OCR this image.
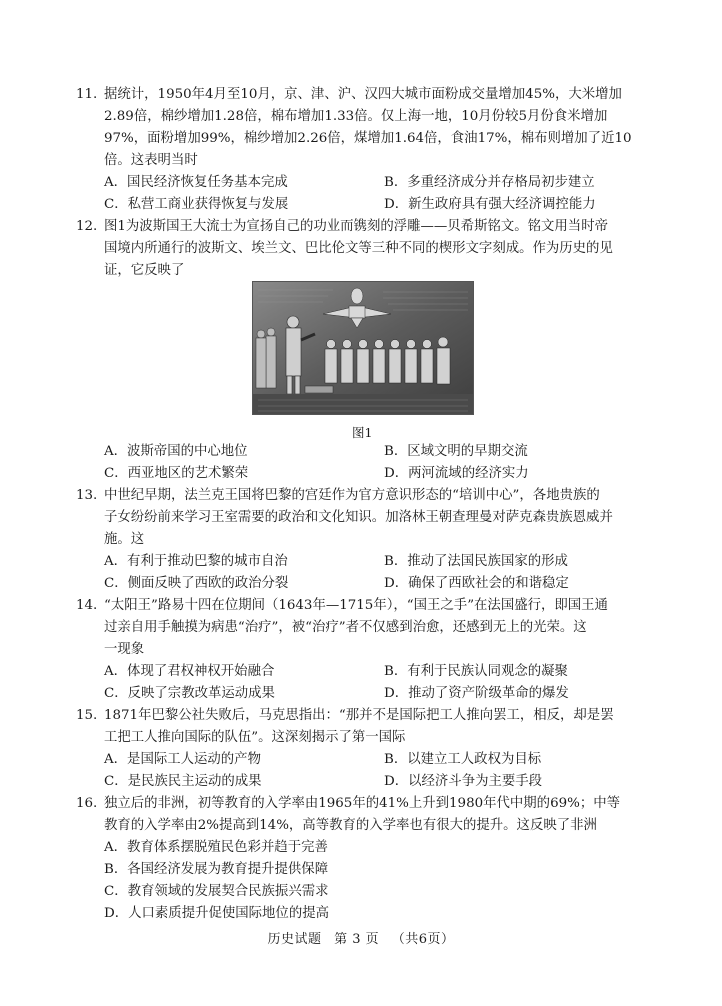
11. 据统计，1950年4月至10月，京、津、沪、汉四大城市面粉成交量增加45%，大米增加
2.89倍，棉纱增加1.28倍，棉布增加1.33倍。仅上海一地，10月份较5月份食米增加
97%，面粉增加99%，棉纱增加2.26倍，煤增加1.64倍，食油17%，棉布则增加了近10
倍。这表明当时
A．国民经济恢复任务基本完成	B．多重经济成分并存格局初步建立
C．私营工商业获得恢复与发展	D．新生政府具有强大经济调控能力
12. 图1为波斯国王大流士为宣扬自己的功业而镌刻的浮雕——贝希斯铭文。铭文用当时帝
国境内所通行的波斯文、埃兰文、巴比伦文等三种不同的楔形文字刻成。作为历史的见
证，它反映了
图1
A．波斯帝国的中心地位	B．区域文明的早期交流
C．西亚地区的艺术繁荣	D．两河流域的经济实力
13. 中世纪早期，法兰克王国将巴黎的宫廷作为官方意识形态的“培训中心”，各地贵族的
子女纷纷前来学习王室需要的政治和文化知识。加洛林王朝查理曼对萨克森贵族恩威并
施。这
A．有利于推动巴黎的城市自治	B．推动了法国民族国家的形成
C．侧面反映了西欧的政治分裂	D．确保了西欧社会的和谐稳定
14. “太阳王”路易十四在位期间（1643年—1715年），“国王之手”在法国盛行，即国王通
过亲自用手触摸为病患“治疗”，被“治疗”者不仅感到治愈，还感到无上的光荣。这
一现象
A．体现了君权神权开始融合	B．有利于民族认同观念的凝聚
C．反映了宗教改革运动成果	D．推动了资产阶级革命的爆发
15. 1871年巴黎公社失败后，马克思指出：“那并不是国际把工人推向罢工，相反，却是罢
工把工人推向国际的队伍”。这深刻揭示了第一国际
A．是国际工人运动的产物	B．以建立工人政权为目标
C．是民族民主运动的成果	D．以经济斗争为主要手段
16. 独立后的非洲，初等教育的入学率由1965年的41%上升到1980年代中期的69%；中等
教育的入学率由2%提高到14%，高等教育的入学率也有很大的提升。这反映了非洲
A．教育体系摆脱殖民色彩并趋于完善
B．各国经济发展为教育提升提供保障
C．教育领域的发展契合民族振兴需求
D．人口素质提升促使国际地位的提高
历史试题 第 3 页 （共6页）
